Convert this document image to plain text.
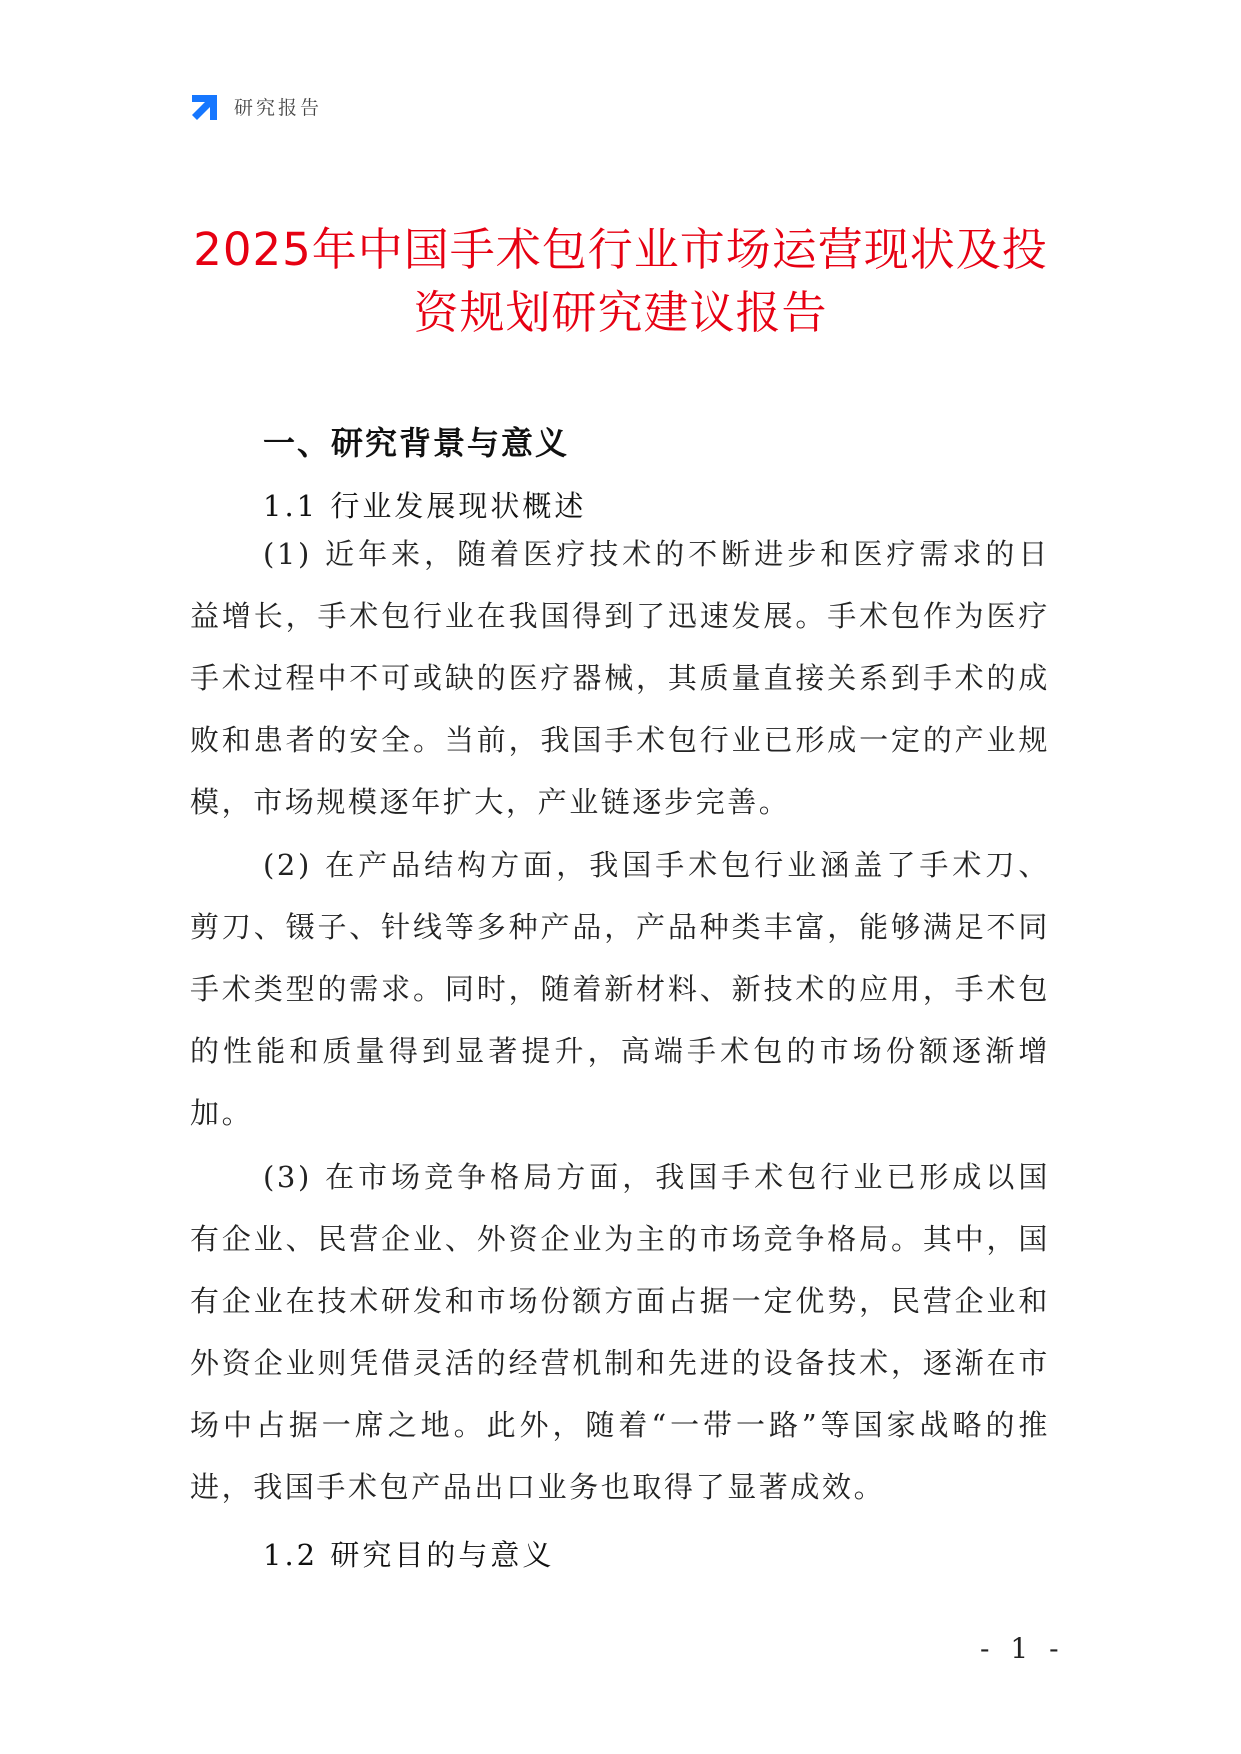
研究报告
2025年中国手术包行业市场运营现状及投
资规划研究建议报告
一、研究背景与意义
1.1 行业发展现状概述

(1) 近年来，随着医疗技术的不断进步和医疗需求的日益增长，手术包行业在我国得到了迅速发展。手术包作为医疗手术过程中不可或缺的医疗器械，其质量直接关系到手术的成败和患者的安全。当前，我国手术包行业已形成一定的产业规模，市场规模逐年扩大，产业链逐步完善。

(2) 在产品结构方面，我国手术包行业涵盖了手术刀、剪刀、镊子、针线等多种产品，产品种类丰富，能够满足不同手术类型的需求。同时，随着新材料、新技术的应用，手术包的性能和质量得到显著提升，高端手术包的市场份额逐渐增加。

(3) 在市场竞争格局方面，我国手术包行业已形成以国有企业、民营企业、外资企业为主的市场竞争格局。其中，国有企业在技术研发和市场份额方面占据一定优势，民营企业和外资企业则凭借灵活的经营机制和先进的设备技术，逐渐在市场中占据一席之地。此外，随着“一带一路”等国家战略的推进，我国手术包产品出口业务也取得了显著成效。

1.2 研究目的与意义
- 1 -
